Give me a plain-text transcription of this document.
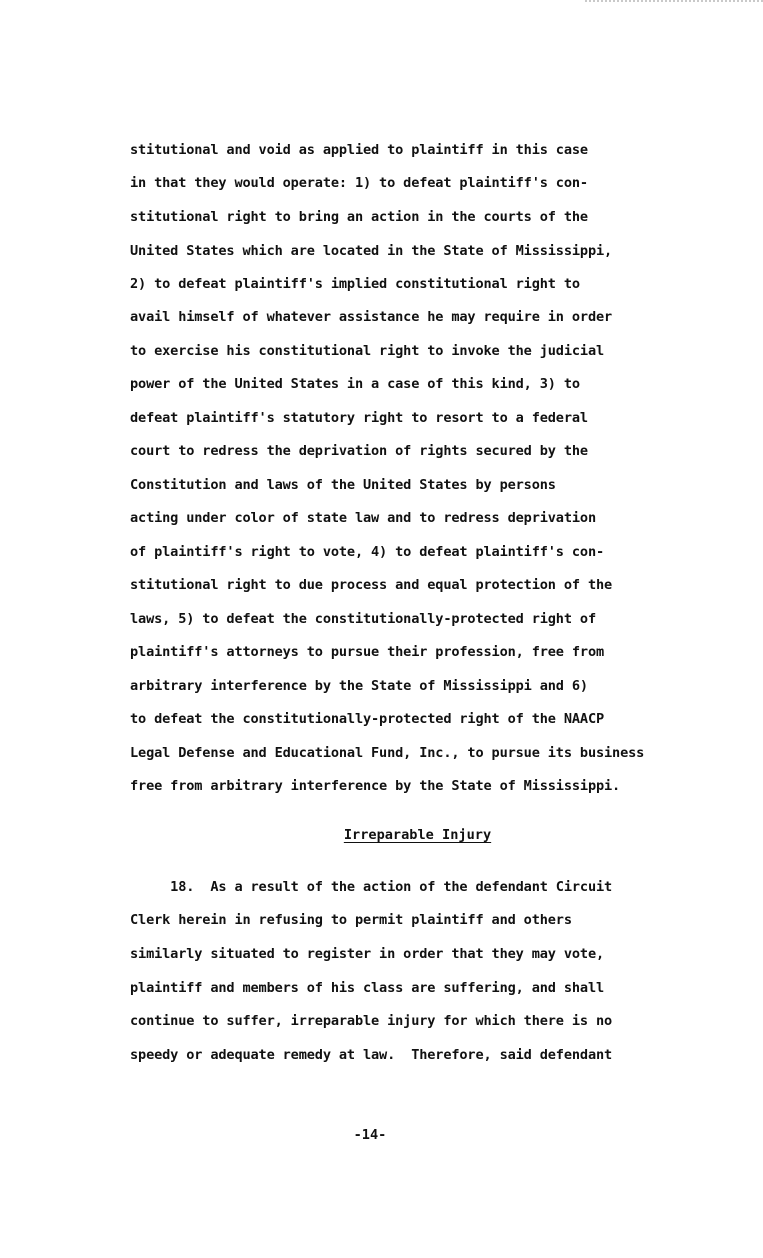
stitutional and void as applied to plaintiff in this case
in that they would operate: 1) to defeat plaintiff's con-
stitutional right to bring an action in the courts of the
United States which are located in the State of Mississippi,
2) to defeat plaintiff's implied constitutional right to
avail himself of whatever assistance he may require in order
to exercise his constitutional right to invoke the judicial
power of the United States in a case of this kind, 3) to
defeat plaintiff's statutory right to resort to a federal
court to redress the deprivation of rights secured by the
Constitution and laws of the United States by persons
acting under color of state law and to redress deprivation
of plaintiff's right to vote, 4) to defeat plaintiff's con-
stitutional right to due process and equal protection of the
laws, 5) to defeat the constitutionally-protected right of
plaintiff's attorneys to pursue their profession, free from
arbitrary interference by the State of Mississippi and 6)
to defeat the constitutionally-protected right of the NAACP
Legal Defense and Educational Fund, Inc., to pursue its business
free from arbitrary interference by the State of Mississippi.
Irreparable Injury
18.  As a result of the action of the defendant Circuit
Clerk herein in refusing to permit plaintiff and others
similarly situated to register in order that they may vote,
plaintiff and members of his class are suffering, and shall
continue to suffer, irreparable injury for which there is no
speedy or adequate remedy at law.  Therefore, said defendant
-14-
